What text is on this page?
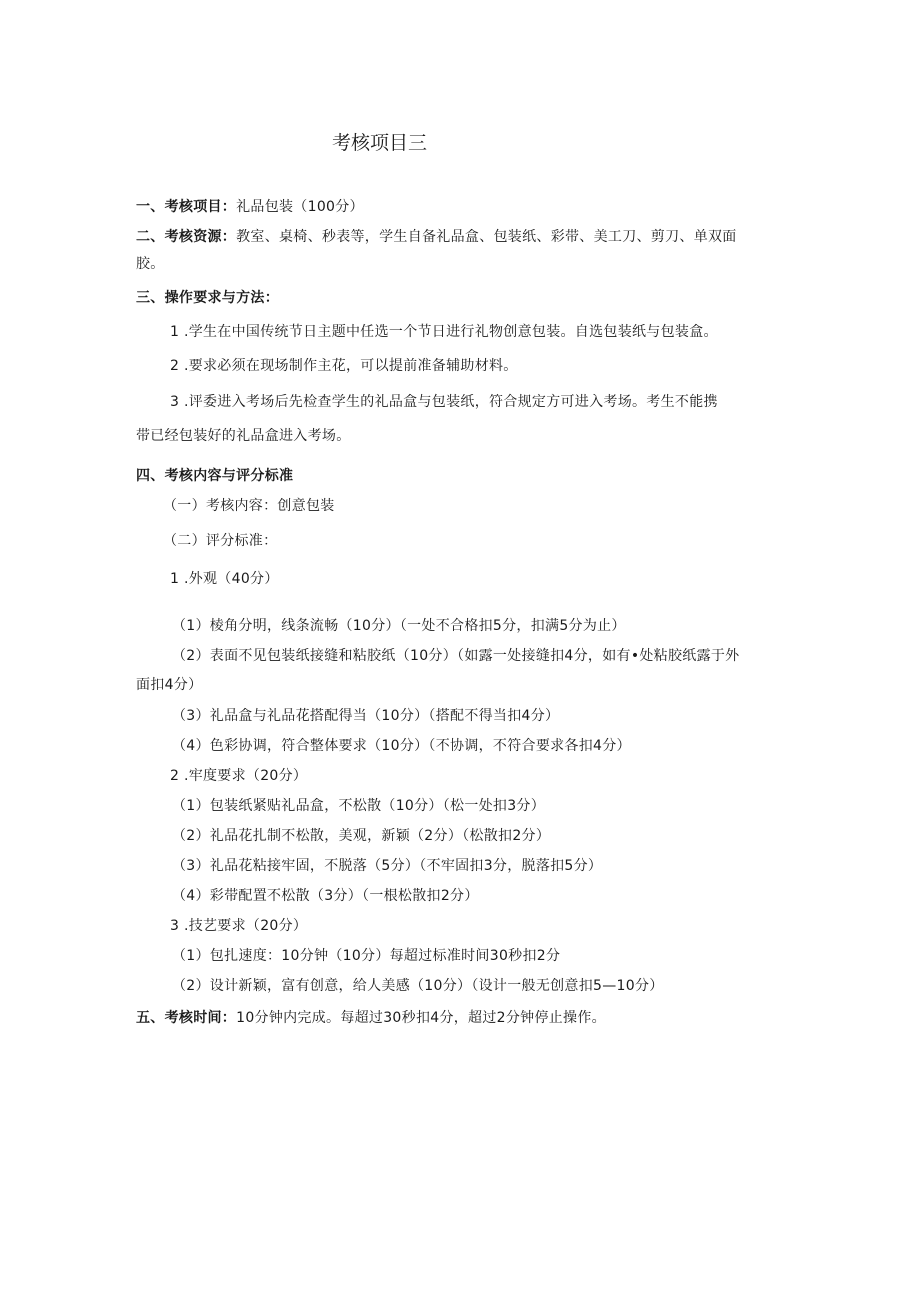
考核项目三
一、考核项目：礼品包装（100分）
二、考核资源：教室、桌椅、秒表等，学生自备礼品盒、包装纸、彩带、美工刀、剪刀、单双面
胶。
三、操作要求与方法：
1 .学生在中国传统节日主题中任选一个节日进行礼物创意包装。自选包装纸与包装盒。
2 .要求必须在现场制作主花，可以提前准备辅助材料。
3 .评委进入考场后先检查学生的礼品盒与包装纸，符合规定方可进入考场。考生不能携
带已经包装好的礼品盒进入考场。
四、考核内容与评分标准
（一）考核内容：创意包装
（二）评分标准：
1 .外观（40分）
（1）棱角分明，线条流畅（10分）（一处不合格扣5分，扣满5分为止）
（2）表面不见包装纸接缝和粘胶纸（10分）（如露一处接缝扣4分，如有•处粘胶纸露于外
面扣4分）
（3）礼品盒与礼品花搭配得当（10分）（搭配不得当扣4分）
（4）色彩协调，符合整体要求（10分）（不协调，不符合要求各扣4分）
2 .牢度要求（20分）
（1）包装纸紧贴礼品盒，不松散（10分）（松一处扣3分）
（2）礼品花扎制不松散，美观，新颖（2分）（松散扣2分）
（3）礼品花粘接牢固，不脱落（5分）（不牢固扣3分，脱落扣5分）
（4）彩带配置不松散（3分）（一根松散扣2分）
3 .技艺要求（20分）
（1）包扎速度：10分钟（10分）每超过标准时间30秒扣2分
（2）设计新颖，富有创意，给人美感（10分）（设计一般无创意扣5—10分）
五、考核时间：10分钟内完成。每超过30秒扣4分，超过2分钟停止操作。
